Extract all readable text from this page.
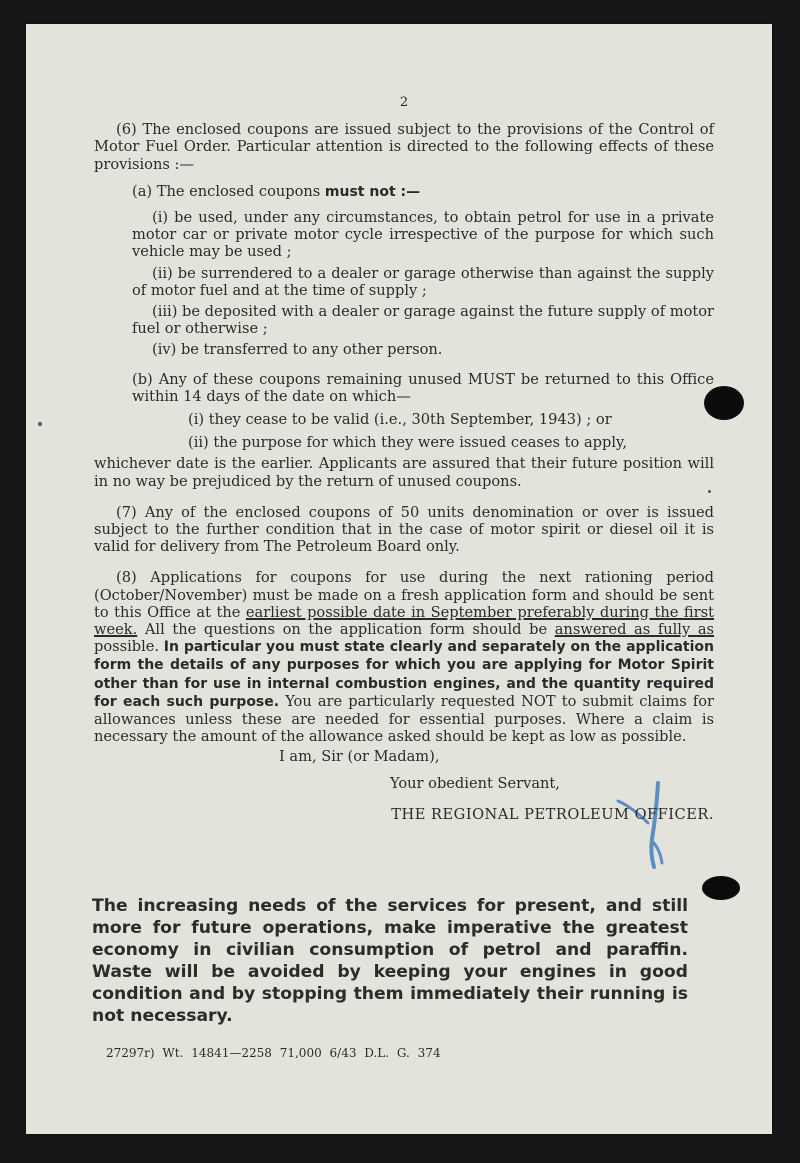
2

(6) The enclosed coupons are issued subject to the provisions of the Control of Motor Fuel Order. Particular attention is directed to the following effects of these provisions :—

(a) The enclosed coupons must not :—

(i) be used, under any circumstances, to obtain petrol for use in a private motor car or private motor cycle irrespective of the purpose for which such vehicle may be used ;

(ii) be surrendered to a dealer or garage otherwise than against the supply of motor fuel and at the time of supply ;

(iii) be deposited with a dealer or garage against the future supply of motor fuel or otherwise ;

(iv) be transferred to any other person.

(b) Any of these coupons remaining unused MUST be returned to this Office within 14 days of the date on which—

(i) they cease to be valid (i.e., 30th September, 1943) ; or

(ii) the purpose for which they were issued ceases to apply,

whichever date is the earlier. Applicants are assured that their future position will in no way be prejudiced by the return of unused coupons.

(7) Any of the enclosed coupons of 50 units denomination or over is issued subject to the further condition that in the case of motor spirit or diesel oil it is valid for delivery from The Petroleum Board only.

(8) Applications for coupons for use during the next rationing period (October/November) must be made on a fresh application form and should be sent to this Office at the earliest possible date in September preferably during the first week. All the questions on the application form should be answered as fully as possible. In particular you must state clearly and separately on the application form the details of any purposes for which you are applying for Motor Spirit other than for use in internal combustion engines, and the quantity required for each such purpose. You are particularly requested NOT to submit claims for allowances unless these are needed for essential purposes. Where a claim is necessary the amount of the allowance asked should be kept as low as possible.

I am, Sir (or Madam),

Your obedient Servant,

THE REGIONAL PETROLEUM OFFICER.

The increasing needs of the services for present, and still more for future operations, make imperative the greatest economy in civilian consumption of petrol and paraffin. Waste will be avoided by keeping your engines in good condition and by stopping them immediately their running is not necessary.
27297r) Wt. 14841—2258 71,000 6/43 D.L. G. 374
